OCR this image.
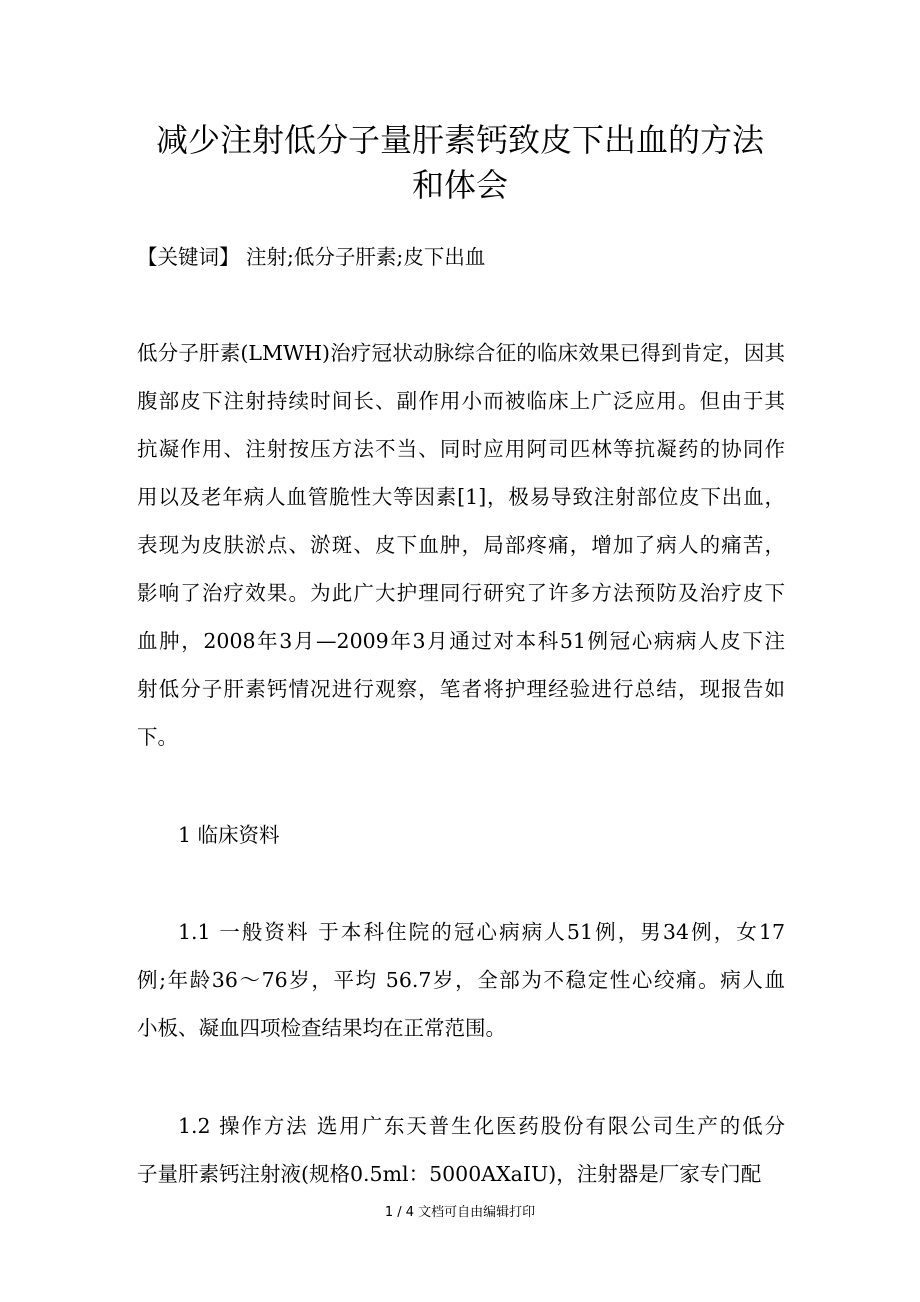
减少注射低分子量肝素钙致皮下出血的方法
和体会
【关键词】 注射;低分子肝素;皮下出血
低分子肝素(LMWH)治疗冠状动脉综合征的临床效果已得到肯定，因其
腹部皮下注射持续时间长、副作用小而被临床上广泛应用。但由于其
抗凝作用、注射按压方法不当、同时应用阿司匹林等抗凝药的协同作
用以及老年病人血管脆性大等因素[1]，极易导致注射部位皮下出血，
表现为皮肤淤点、淤斑、皮下血肿，局部疼痛，增加了病人的痛苦，
影响了治疗效果。为此广大护理同行研究了许多方法预防及治疗皮下
血肿，2008年3月—2009年3月通过对本科51例冠心病病人皮下注
射低分子肝素钙情况进行观察，笔者将护理经验进行总结，现报告如
下。
1 临床资料
1.1 一般资料 于本科住院的冠心病病人51例，男34例，女17
例;年龄36～76岁，平均 56.7岁，全部为不稳定性心绞痛。病人血
小板、凝血四项检查结果均在正常范围。
1.2 操作方法 选用广东天普生化医药股份有限公司生产的低分
子量肝素钙注射液(规格0.5ml：5000AXaIU)，注射器是厂家专门配
1 / 4 文档可自由编辑打印
